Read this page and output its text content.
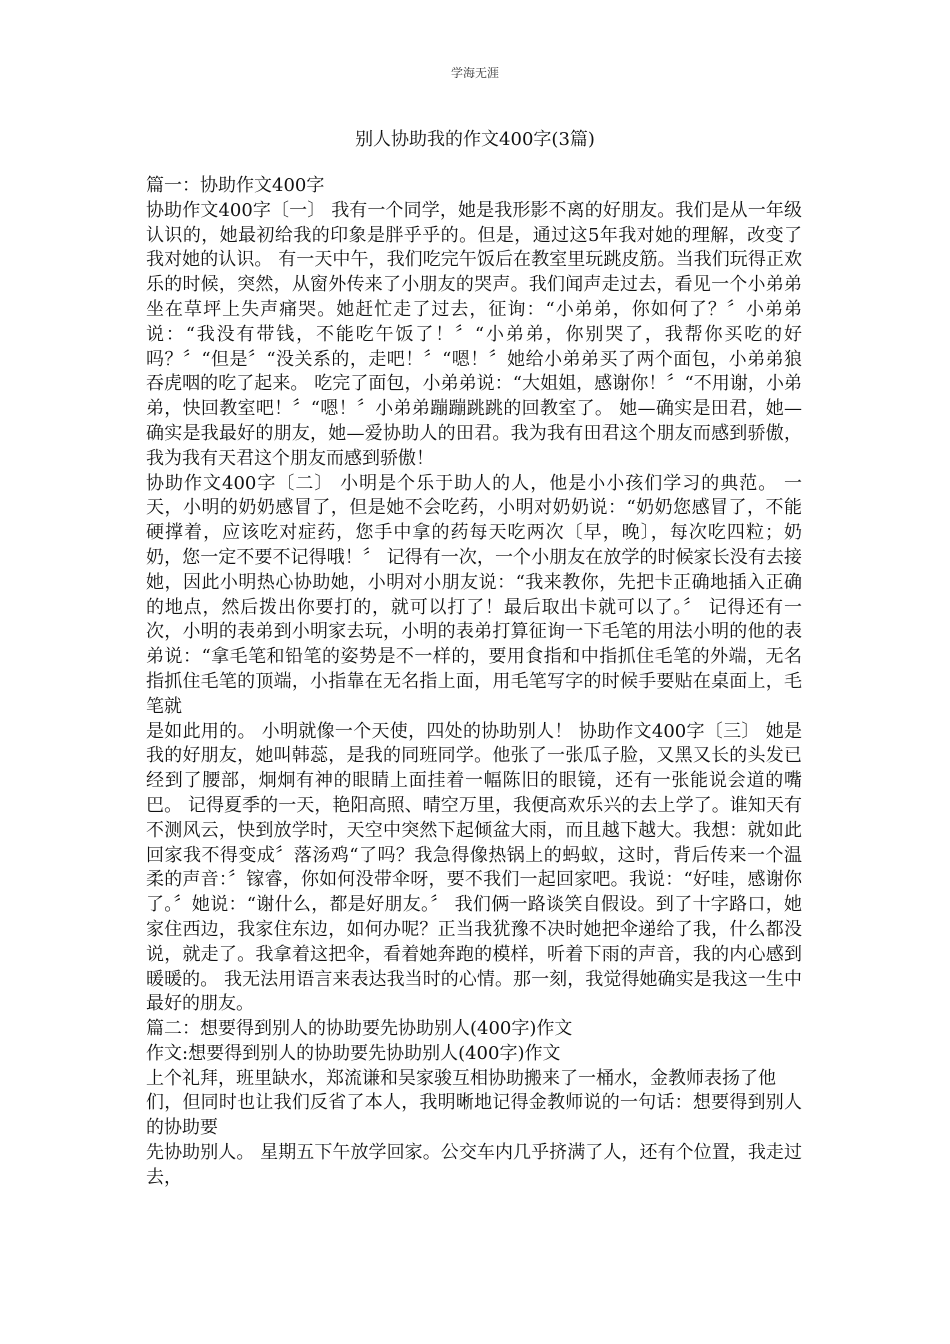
学海无涯
别人协助我的作文400字(3篇)

篇一：协助作文400字

协助作文400字〔一〕 我有一个同学，她是我形影不离的好朋友。我们是从一年级认识的，她最初给我的印象是胖乎乎的。但是，通过这5年我对她的理解，改变了我对她的认识。 有一天中午，我们吃完午饭后在教室里玩跳皮筋。当我们玩得正欢乐的时候，突然，从窗外传来了小朋友的哭声。我们闻声走过去，看见一个小弟弟坐在草坪上失声痛哭。她赶忙走了过去，征询：“小弟弟，你如何了？〞小弟弟说：“我没有带钱，不能吃午饭了！〞“小弟弟，你别哭了，我帮你买吃的好吗？〞“但是〞“没关系的，走吧！〞“嗯！〞她给小弟弟买了两个面包，小弟弟狼吞虎咽的吃了起来。 吃完了面包，小弟弟说：“大姐姐，感谢你！〞“不用谢，小弟弟，快回教室吧！〞“嗯！〞小弟弟蹦蹦跳跳的回教室了。 她—确实是田君，她—确实是我最好的朋友，她—爱协助人的田君。我为我有田君这个朋友而感到骄傲，我为我有天君这个朋友而感到骄傲！

协助作文400字〔二〕 小明是个乐于助人的人，他是小小孩们学习的典范。 一天，小明的奶奶感冒了，但是她不会吃药，小明对奶奶说：“奶奶您感冒了，不能硬撑着，应该吃对症药，您手中拿的药每天吃两次〔早，晚〕，每次吃四粒；奶奶，您一定不要不记得哦！〞 记得有一次，一个小朋友在放学的时候家长没有去接她，因此小明热心协助她，小明对小朋友说：“我来教你，先把卡正确地插入正确的地点，然后拨出你要打的，就可以打了！最后取出卡就可以了。〞 记得还有一次，小明的表弟到小明家去玩，小明的表弟打算征询一下毛笔的用法小明的他的表弟说：“拿毛笔和铅笔的姿势是不一样的，要用食指和中指抓住毛笔的外端，无名指抓住毛笔的顶端，小指靠在无名指上面，用毛笔写字的时候手要贴在桌面上，毛笔就

是如此用的。 小明就像一个天使，四处的协助别人！ 协助作文400字〔三〕 她是我的好朋友，她叫韩蕊，是我的同班同学。他张了一张瓜子脸，又黑又长的头发已经到了腰部，炯炯有神的眼睛上面挂着一幅陈旧的眼镜，还有一张能说会道的嘴巴。 记得夏季的一天，艳阳高照、晴空万里，我便高欢乐兴的去上学了。谁知天有不测风云，快到放学时，天空中突然下起倾盆大雨，而且越下越大。我想：就如此回家我不得变成〞落汤鸡“了吗？我急得像热锅上的蚂蚁，这时，背后传来一个温柔的声音：〞镓睿，你如何没带伞呀，要不我们一起回家吧。我说：“好哇，感谢你了。〞她说：“谢什么，都是好朋友。〞 我们俩一路谈笑自假设。到了十字路口，她家住西边，我家住东边，如何办呢？正当我犹豫不决时她把伞递给了我，什么都没说，就走了。我拿着这把伞，看着她奔跑的模样，听着下雨的声音，我的内心感到暖暖的。 我无法用语言来表达我当时的心情。那一刻，我觉得她确实是我这一生中最好的朋友。

篇二：想要得到别人的协助要先协助别人(400字)作文

作文:想要得到别人的协助要先协助别人(400字)作文

上个礼拜，班里缺水，郑流谦和吴家骏互相协助搬来了一桶水，金教师表扬了他

们，但同时也让我们反省了本人，我明晰地记得金教师说的一句话：想要得到别人的协助要

先协助别人。 星期五下午放学回家。公交车内几乎挤满了人，还有个位置，我走过去，
